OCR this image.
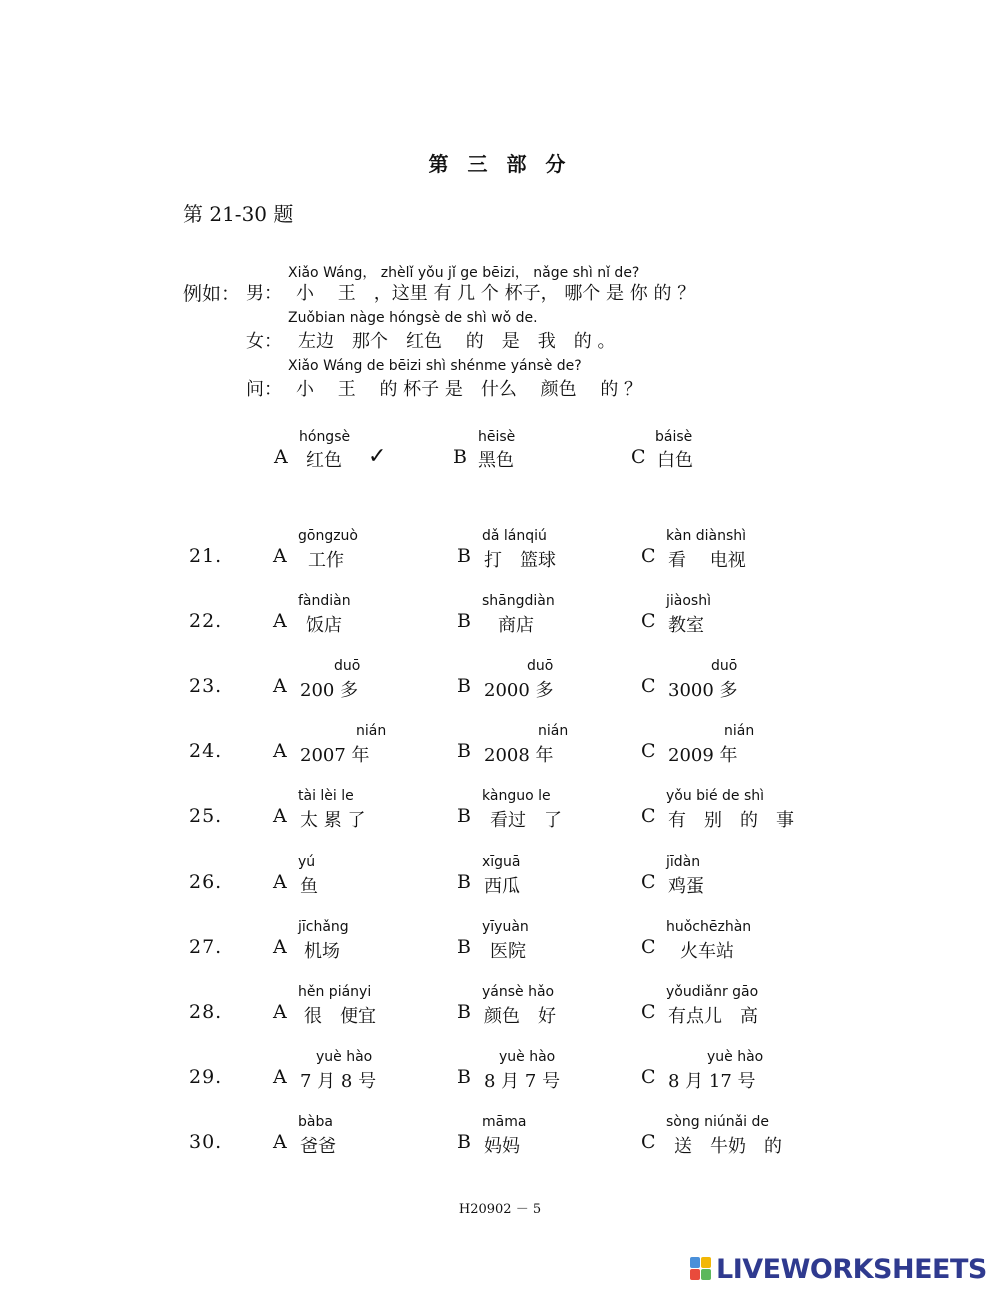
第 三 部 分
第 21-30 题
例如： 男：
Xiǎo Wáng， zhèlǐ yǒu jǐ ge bēizi， nǎge shì nǐ de?
小　 王　，这里 有 几 个 杯子， 哪个 是 你 的 ？
女：
Zuǒbian nàge hóngsè de shì wǒ de.
左边　那个　红色　 的　是　我　的 。
问：
Xiǎo Wáng de bēizi shì shénme yánsè de?
小　 王　 的 杯子 是　什么　 颜色　 的 ？
A
hóngsè
红色 ✓	B
hēisè
黑色	C
báisè
白色
21.	A
gōngzuò
工作	B
dǎ lánqiú
打　篮球	C
kàn diànshì
看　 电视
22.	A
fàndiàn
饭店	B
shāngdiàn
商店	C
jiàoshì
教室
23.	A
duō
200 多	B
duō
2000 多	C
duō
3000 多
24.	A
nián
2007 年	B
nián
2008 年	C
nián
2009 年
25.	A
tài lèi le
太 累 了	B
kànguo le
看过　了	C
yǒu bié de shì
有　别　的　事
26.	A
yú
鱼	B
xīguā
西瓜	C
jīdàn
鸡蛋
27.	A
jīchǎng
机场	B
yīyuàn
医院	C
huǒchēzhàn
火车站
28.	A
hěn piányi
很　便宜	B
yánsè hǎo
颜色　好	C
yǒudiǎnr gāo
有点儿　高
29.	A
yuè hào
7 月 8 号	B
yuè hào
8 月 7 号	C
yuè hào
8 月 17 号
30.	A
bàba
爸爸	B
māma
妈妈	C
sòng niúnǎi de
送　牛奶　的
H20902 － 5
LIVEWORKSHEETS
